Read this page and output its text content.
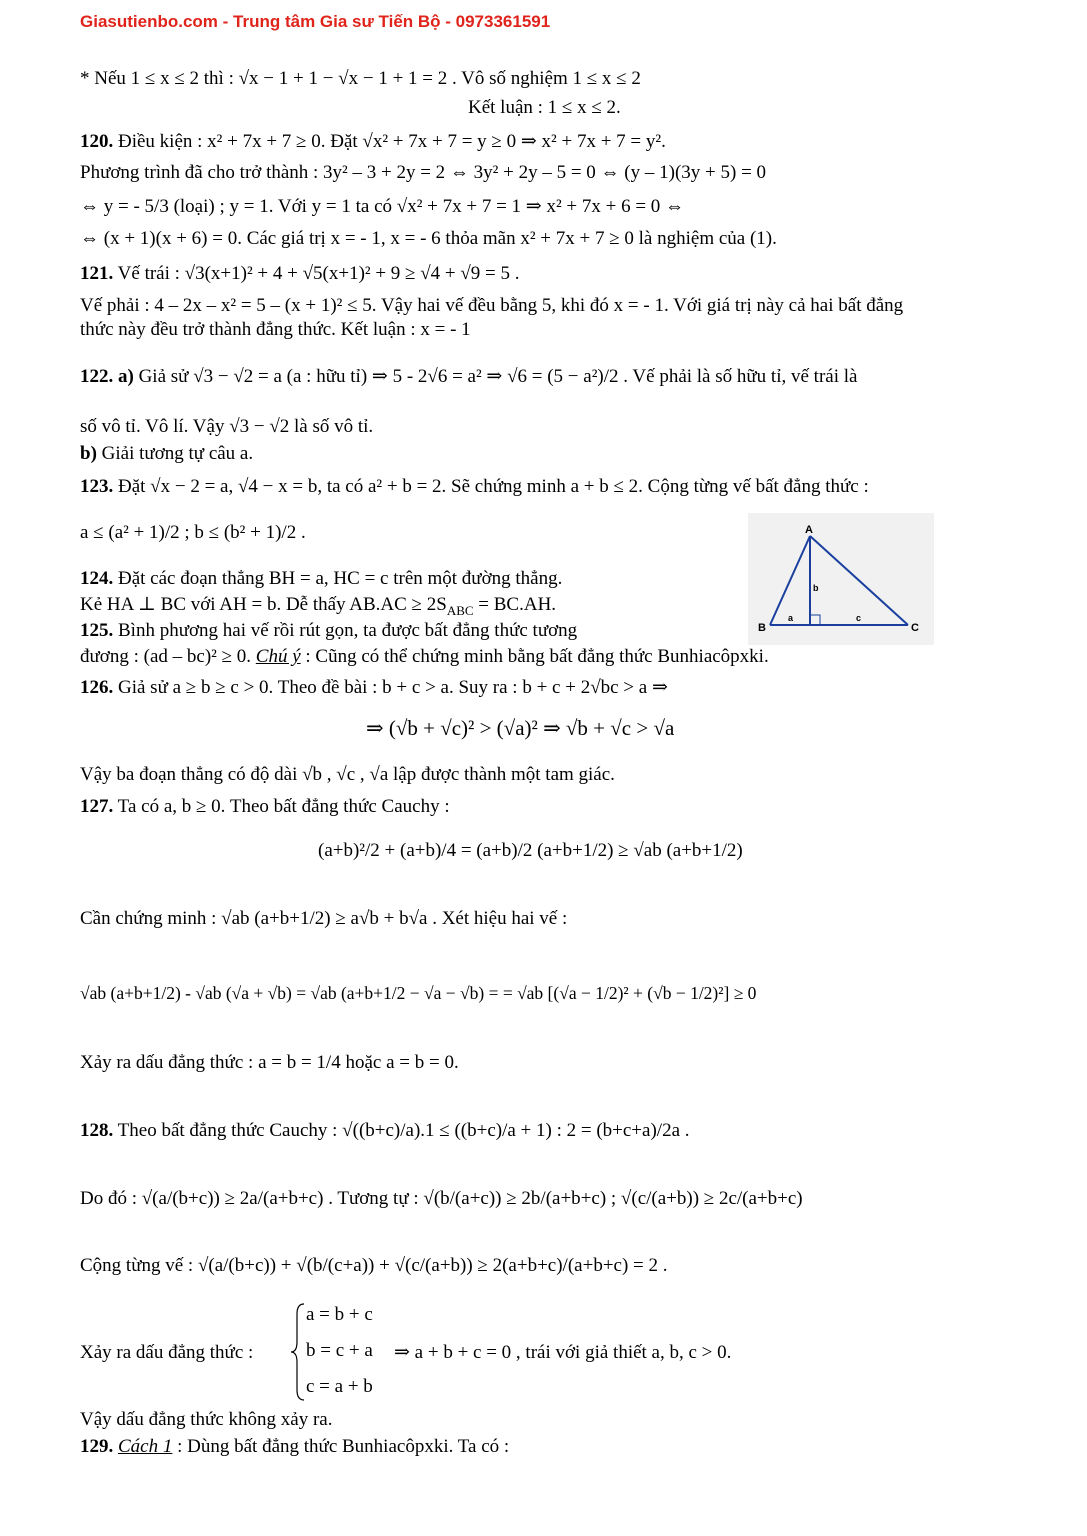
Giasutienbo.com - Trung tâm Gia sư Tiến Bộ - 0973361591
* Nếu 1 ≤ x ≤ 2 thì : √x − 1 + 1 − √x − 1 + 1 = 2 . Vô số nghiệm 1 ≤ x ≤ 2
Kết luận : 1 ≤ x ≤ 2.
120. Điều kiện : x² + 7x + 7 ≥ 0. Đặt √x² + 7x + 7 = y ≥ 0 ⇒ x² + 7x + 7 = y².
Phương trình đã cho trở thành : 3y² – 3 + 2y = 2 ⇔ 3y² + 2y – 5 = 0 ⇔ (y – 1)(3y + 5) = 0
⇔ y = - 5/3 (loại) ; y = 1. Với y = 1 ta có √x² + 7x + 7 = 1 ⇒ x² + 7x + 6 = 0 ⇔
⇔ (x + 1)(x + 6) = 0. Các giá trị x = - 1, x = - 6 thỏa mãn x² + 7x + 7 ≥ 0 là nghiệm của (1).
121. Vế trái : √3(x+1)² + 4 + √5(x+1)² + 9 ≥ √4 + √9 = 5 .
Vế phải : 4 – 2x – x² = 5 – (x + 1)² ≤ 5. Vậy hai vế đều bằng 5, khi đó x = - 1. Với giá trị này cả hai bất đẳng
thức này đều trở thành đẳng thức. Kết luận : x = - 1
122. a) Giả sử √3 − √2 = a (a : hữu tỉ) ⇒ 5 - 2√6 = a² ⇒ √6 = (5 − a²)/2 . Vế phải là số hữu tỉ, vế trái là
số vô tỉ. Vô lí. Vậy √3 − √2 là số vô tỉ.
b) Giải tương tự câu a.
123. Đặt √x − 2 = a, √4 − x = b, ta có a² + b = 2. Sẽ chứng minh a + b ≤ 2. Cộng từng vế bất đẳng thức :
a ≤ (a² + 1)/2 ; b ≤ (b² + 1)/2 .
124. Đặt các đoạn thẳng BH = a, HC = c trên một đường thẳng.
Kẻ HA ⊥ BC với AH = b. Dễ thấy $AB.AC \ge 2S_{ABC} = BC.AH$.
125. Bình phương hai vế rồi rút gọn, ta được bất đẳng thức tương
đương : (ad – bc)² ≥ 0. Chú ý : Cũng có thể chứng minh bằng bất đẳng thức Bunhiacôpxki.
A
B	C
a
b
c
126. Giả sử a ≥ b ≥ c > 0. Theo đề bài : b + c > a. Suy ra : b + c + 2√bc > a ⇒
⇒ (√b + √c)² > (√a)² ⇒ √b + √c > √a
Vậy ba đoạn thẳng có độ dài √b , √c , √a lập được thành một tam giác.
127. Ta có a, b ≥ 0. Theo bất đẳng thức Cauchy :
(a+b)²/2 + (a+b)/4 = (a+b)/2 (a+b+1/2) ≥ √ab (a+b+1/2)
Cần chứng minh : √ab (a+b+1/2) ≥ a√b + b√a . Xét hiệu hai vế :
√ab (a+b+1/2) - √ab (√a + √b) = √ab (a+b+1/2 − √a − √b) = = √ab [(√a − 1/2)² + (√b − 1/2)²] ≥ 0
Xảy ra dấu đẳng thức : a = b = 1/4 hoặc a = b = 0.
128. Theo bất đẳng thức Cauchy : √((b+c)/a).1 ≤ ((b+c)/a + 1) : 2 = (b+c+a)/2a .
Do đó : √(a/(b+c)) ≥ 2a/(a+b+c) . Tương tự : √(b/(a+c)) ≥ 2b/(a+b+c) ; √(c/(a+b)) ≥ 2c/(a+b+c)
Cộng từng vế : √(a/(b+c)) + √(b/(c+a)) + √(c/(a+b)) ≥ 2(a+b+c)/(a+b+c) = 2 .
Xảy ra dấu đẳng thức :
a = b + c
b = c + a
c = a + b
⇒ a + b + c = 0 , trái với giả thiết a, b, c > 0.
Vậy dấu đẳng thức không xảy ra.
129. Cách 1 : Dùng bất đẳng thức Bunhiacôpxki. Ta có :
